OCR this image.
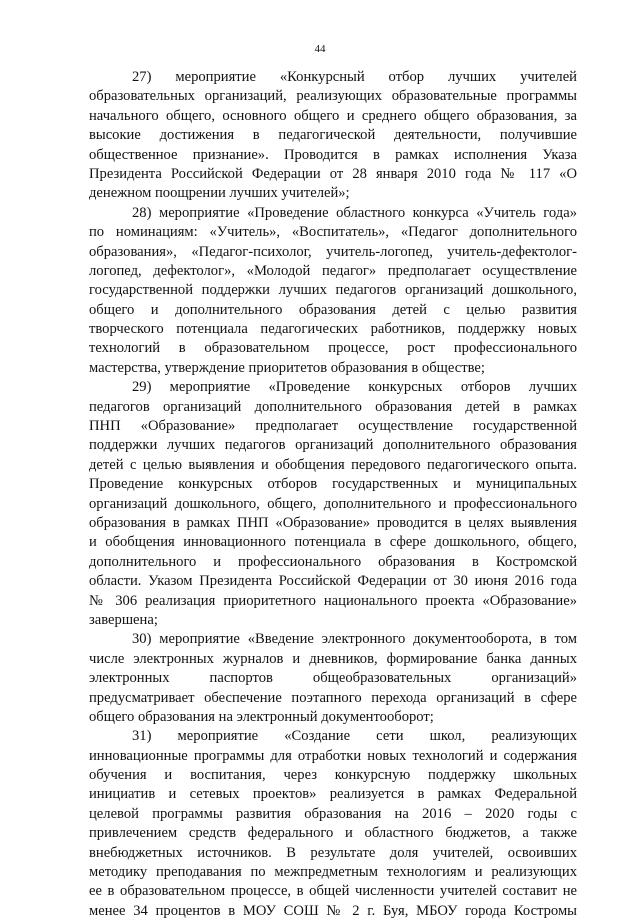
44
27) мероприятие «Конкурсный отбор лучших учителей
образовательных организаций, реализующих образовательные программы
начального общего, основного общего и среднего общего образования, за
высокие достижения в педагогической деятельности, получившие
общественное признание». Проводится в рамках исполнения Указа
Президента Российской Федерации от 28 января 2010 года № 117 «О
денежном поощрении лучших учителей»;
28) мероприятие «Проведение областного конкурса «Учитель года»
по номинациям: «Учитель», «Воспитатель», «Педагог дополнительного
образования», «Педагог-психолог, учитель-логопед, учитель-дефектолог-
логопед, дефектолог», «Молодой педагог» предполагает осуществление
государственной поддержки лучших педагогов организаций дошкольного,
общего и дополнительного образования детей с целью развития
творческого потенциала педагогических работников, поддержку новых
технологий в образовательном процессе, рост профессионального
мастерства, утверждение приоритетов образования в обществе;
29) мероприятие «Проведение конкурсных отборов лучших
педагогов организаций дополнительного образования детей в рамках
ПНП «Образование» предполагает осуществление государственной
поддержки лучших педагогов организаций дополнительного образования
детей с целью выявления и обобщения передового педагогического опыта.
Проведение конкурсных отборов государственных и муниципальных
организаций дошкольного, общего, дополнительного и профессионального
образования в рамках ПНП «Образование» проводится в целях выявления
и обобщения инновационного потенциала в сфере дошкольного, общего,
дополнительного и профессионального образования в Костромской
области. Указом Президента Российской Федерации от 30 июня 2016 года
№ 306 реализация приоритетного национального проекта «Образование»
завершена;
30) мероприятие «Введение электронного документооборота, в том
числе электронных журналов и дневников, формирование банка данных
электронных паспортов общеобразовательных организаций»
предусматривает обеспечение поэтапного перехода организаций в сфере
общего образования на электронный документооборот;
31) мероприятие «Создание сети школ, реализующих
инновационные программы для отработки новых технологий и содержания
обучения и воспитания, через конкурсную поддержку школьных
инициатив и сетевых проектов» реализуется в рамках Федеральной
целевой программы развития образования на 2016 – 2020 годы с
привлечением средств федерального и областного бюджетов, а также
внебюджетных источников. В результате доля учителей, освоивших
методику преподавания по межпредметным технологиям и реализующих
ее в образовательном процессе, в общей численности учителей составит не
менее 34 процентов в МОУ СОШ № 2 г. Буя, МБОУ города Костромы
